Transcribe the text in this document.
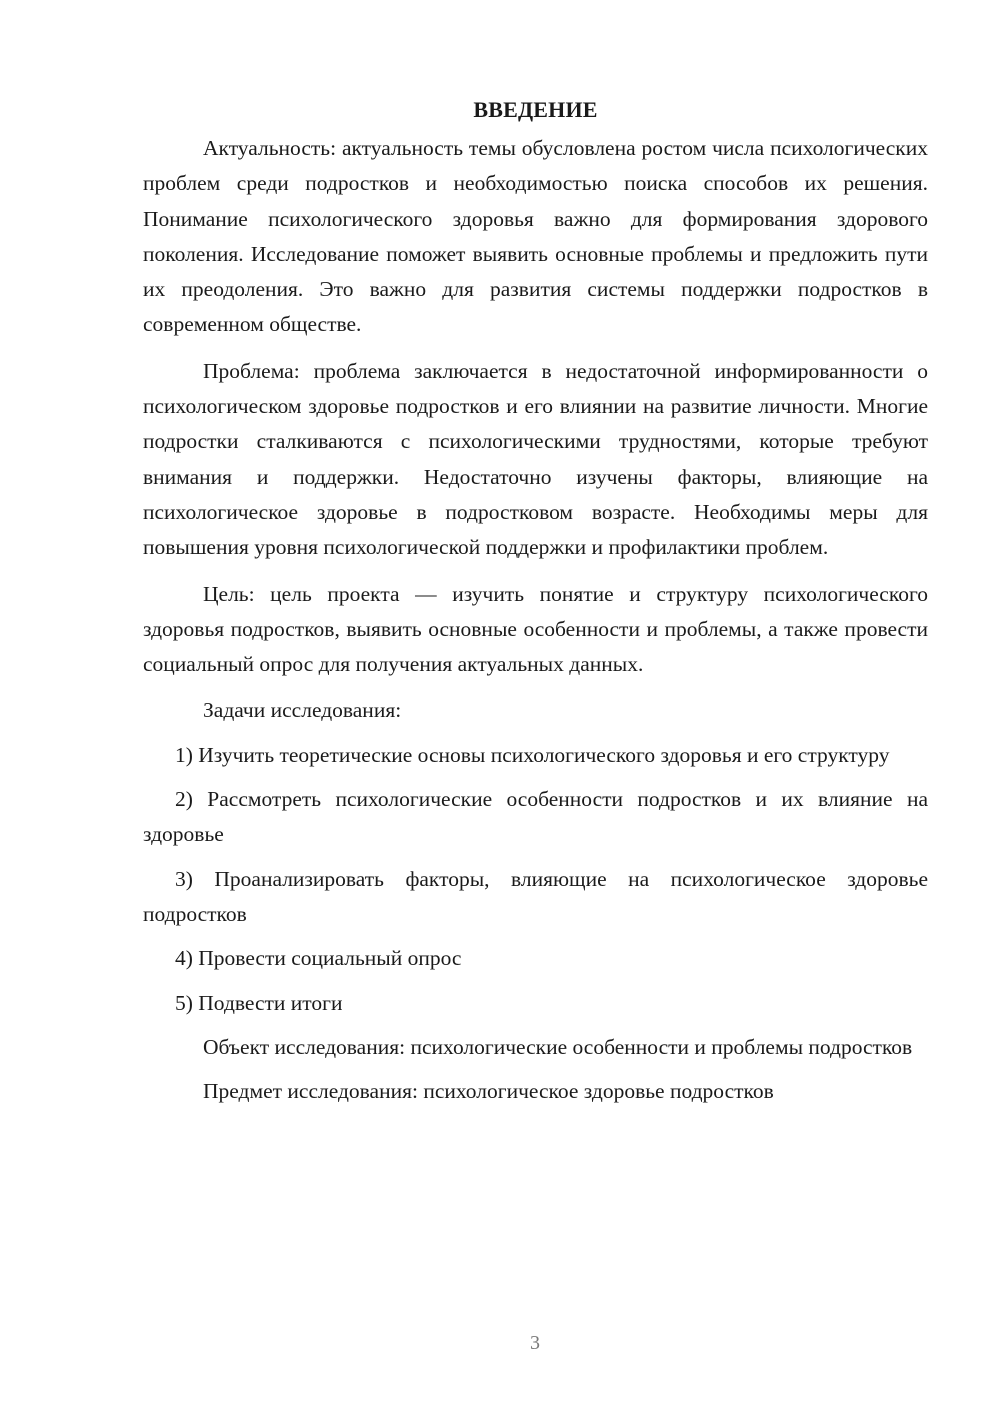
ВВЕДЕНИЕ

Актуальность: актуальность темы обусловлена ростом числа психологических проблем среди подростков и необходимостью поиска способов их решения. Понимание психологического здоровья важно для формирования здорового поколения. Исследование поможет выявить основные проблемы и предложить пути их преодоления. Это важно для развития системы поддержки подростков в современном обществе.

Проблема: проблема заключается в недостаточной информированности о психологическом здоровье подростков и его влиянии на развитие личности. Многие подростки сталкиваются с психологическими трудностями, которые требуют внимания и поддержки. Недостаточно изучены факторы, влияющие на психологическое здоровье в подростковом возрасте. Необходимы меры для повышения уровня психологической поддержки и профилактики проблем.

Цель: цель проекта — изучить понятие и структуру психологического здоровья подростков, выявить основные особенности и проблемы, а также провести социальный опрос для получения актуальных данных.

Задачи исследования:

1) Изучить теоретические основы психологического здоровья и его структуру

2) Рассмотреть психологические особенности подростков и их влияние на здоровье

3) Проанализировать факторы, влияющие на психологическое здоровье подростков

4) Провести социальный опрос

5) Подвести итоги

Объект исследования: психологические особенности и проблемы подростков

Предмет исследования: психологическое здоровье подростков

3
